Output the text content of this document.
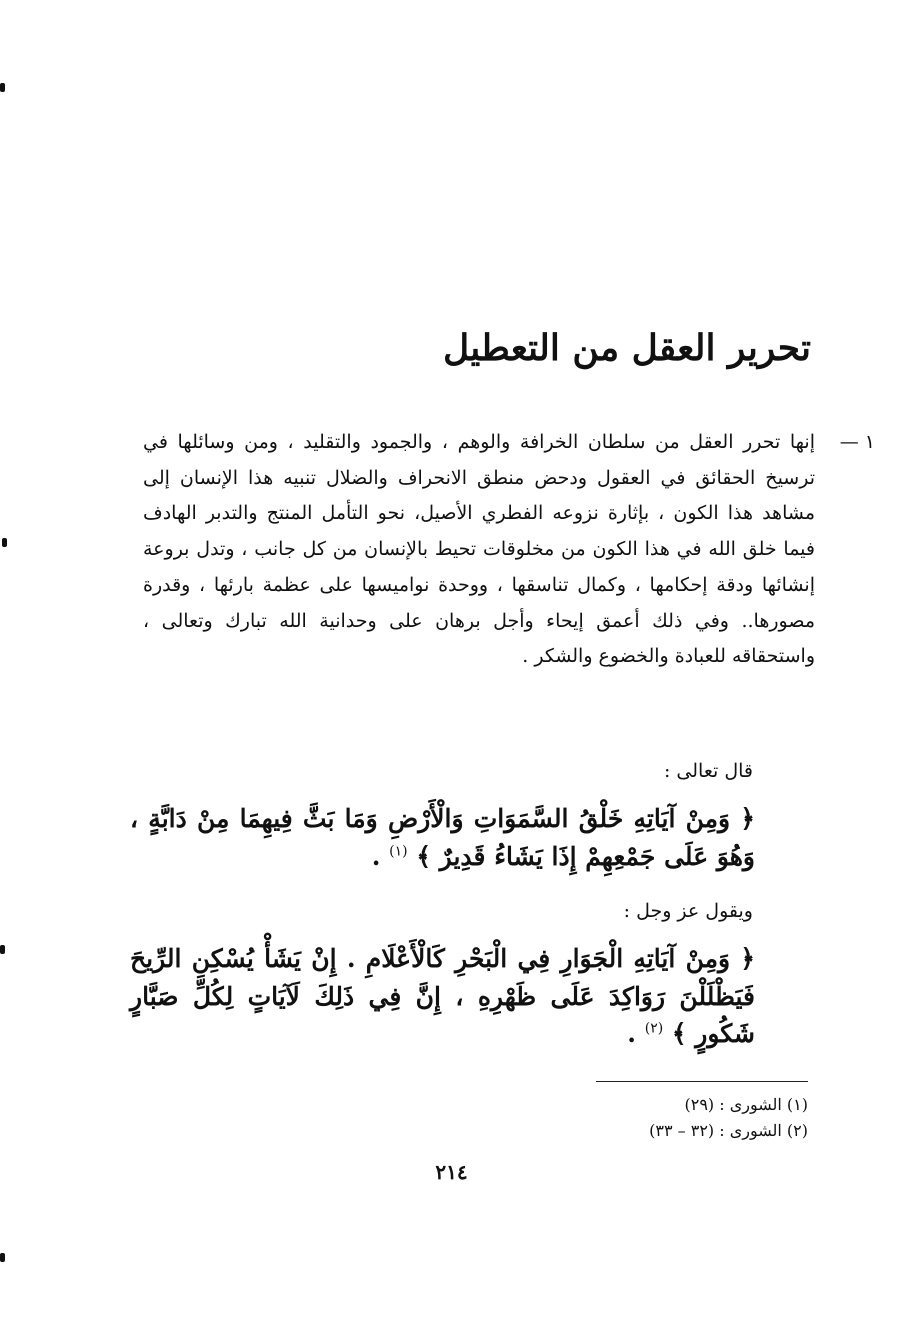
تحرير العقل من التعطيل
١ —
إنها تحرر العقل من سلطان الخرافة والوهم ، والجمود والتقليد ، ومن وسائلها في ترسيخ الحقائق في العقول ودحض منطق الانحراف والضلال تنبيه هذا الإنسان إلى مشاهد هذا الكون ، بإثارة نزوعه الفطري الأصيل، نحو التأمل المنتج والتدبر الهادف فيما خلق الله في هذا الكون من مخلوقات تحيط بالإنسان من كل جانب ، وتدل بروعة إنشائها ودقة إحكامها ، وكمال تناسقها ، ووحدة نواميسها على عظمة بارئها ، وقدرة مصورها.. وفي ذلك أعمق إيحاء وأجل برهان على وحدانية الله تبارك وتعالى ، واستحقاقه للعبادة والخضوع والشكر .
قال تعالى :
﴿ وَمِنْ آيَاتِهِ خَلْقُ السَّمَوَاتِ وَالْأَرْضِ وَمَا بَثَّ فِيهِمَا مِنْ دَابَّةٍ ، وَهُوَ عَلَى جَمْعِهِمْ إِذَا يَشَاءُ قَدِيرٌ ﴾ $^{(١)}$ .
ويقول عز وجل :
﴿ وَمِنْ آيَاتِهِ الْجَوَارِ فِي الْبَحْرِ كَالْأَعْلَامِ . إِنْ يَشَأْ يُسْكِنِ الرِّيحَ فَيَظْلَلْنَ رَوَاكِدَ عَلَى ظَهْرِهِ ، إِنَّ فِي ذَلِكَ لَآيَاتٍ لِكُلِّ صَبَّارٍ شَكُورٍ ﴾ $^{(٢)}$ .
(١) الشورى : (٢٩)
(٢) الشورى : (٣٢ – ٣٣)
٢١٤
